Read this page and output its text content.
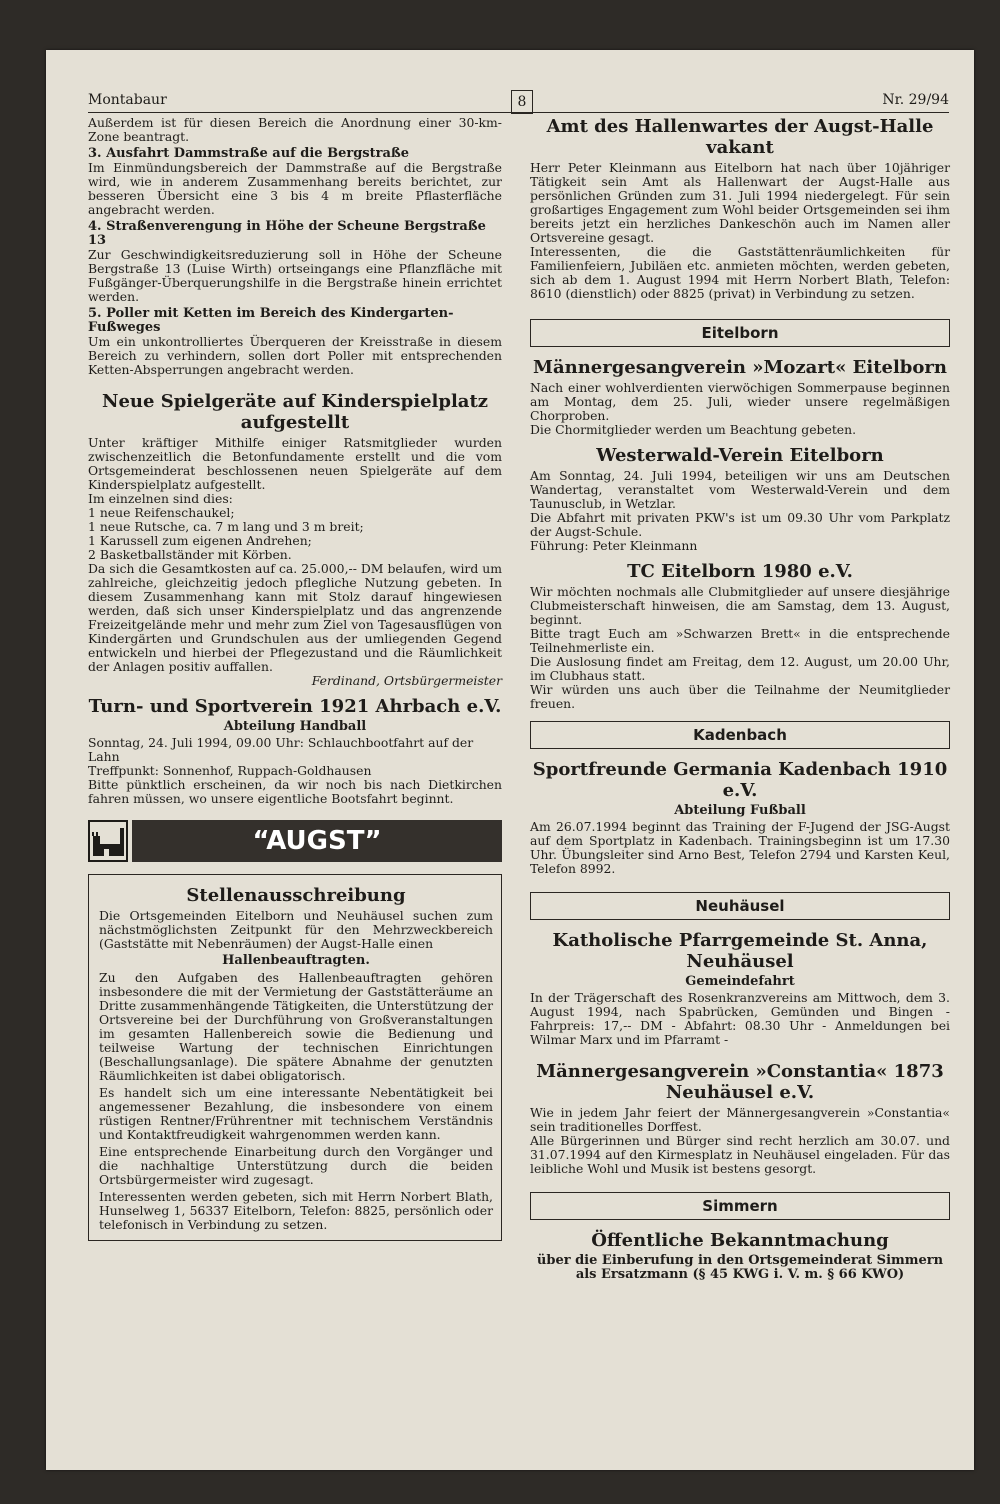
Montabaur	8	Nr. 29/94

Außerdem ist für diesen Bereich die Anordnung einer 30-km-Zone beantragt.

3. Ausfahrt Dammstraße auf die Bergstraße

Im Einmündungsbereich der Dammstraße auf die Bergstraße wird, wie in anderem Zusammenhang bereits berichtet, zur besseren Übersicht eine 3 bis 4 m breite Pflasterfläche angebracht werden.

4. Straßenverengung in Höhe der Scheune Bergstraße 13

Zur Geschwindigkeitsreduzierung soll in Höhe der Scheune Bergstraße 13 (Luise Wirth) ortseingangs eine Pflanzfläche mit Fußgänger-Überquerungshilfe in die Bergstraße hinein errichtet werden.

5. Poller mit Ketten im Bereich des Kindergarten-Fußweges

Um ein unkontrolliertes Überqueren der Kreisstraße in diesem Bereich zu verhindern, sollen dort Poller mit entsprechenden Ketten-Absperrungen angebracht werden.

Neue Spielgeräte auf Kinderspielplatz aufgestellt

Unter kräftiger Mithilfe einiger Ratsmitglieder wurden zwischenzeitlich die Betonfundamente erstellt und die vom Ortsgemeinderat beschlossenen neuen Spielgeräte auf dem Kinderspielplatz aufgestellt.

Im einzelnen sind dies:

1 neue Reifenschaukel;

1 neue Rutsche, ca. 7 m lang und 3 m breit;

1 Karussell zum eigenen Andrehen;

2 Basketballständer mit Körben.

Da sich die Gesamtkosten auf ca. 25.000,-- DM belaufen, wird um zahlreiche, gleichzeitig jedoch pflegliche Nutzung gebeten. In diesem Zusammenhang kann mit Stolz darauf hingewiesen werden, daß sich unser Kinderspielplatz und das angrenzende Freizeitgelände mehr und mehr zum Ziel von Tagesausflügen von Kindergärten und Grundschulen aus der umliegenden Gegend entwickeln und hierbei der Pflegezustand und die Räumlichkeit der Anlagen positiv auffallen.

Ferdinand, Ortsbürgermeister

Turn- und Sportverein 1921 Ahrbach e.V.

Abteilung Handball

Sonntag, 24. Juli 1994, 09.00 Uhr: Schlauchbootfahrt auf der Lahn

Treffpunkt: Sonnenhof, Ruppach-Goldhausen

Bitte pünktlich erscheinen, da wir noch bis nach Dietkirchen fahren müssen, wo unsere eigentliche Bootsfahrt beginnt.

“AUGST”

Stellenausschreibung

Die Ortsgemeinden Eitelborn und Neuhäusel suchen zum nächstmöglichsten Zeitpunkt für den Mehrzweckbereich (Gaststätte mit Nebenräumen) der Augst-Halle einen

Hallenbeauftragten.

Zu den Aufgaben des Hallenbeauftragten gehören insbesondere die mit der Vermietung der Gaststätteräume an Dritte zusammenhängende Tätigkeiten, die Unterstützung der Ortsvereine bei der Durchführung von Großveranstaltungen im gesamten Hallenbereich sowie die Bedienung und teilweise Wartung der technischen Einrichtungen (Beschallungsanlage). Die spätere Abnahme der genutzten Räumlichkeiten ist dabei obligatorisch.

Es handelt sich um eine interessante Nebentätigkeit bei angemessener Bezahlung, die insbesondere von einem rüstigen Rentner/Frührentner mit technischem Verständnis und Kontaktfreudigkeit wahrgenommen werden kann.

Eine entsprechende Einarbeitung durch den Vorgänger und die nachhaltige Unterstützung durch die beiden Ortsbürgermeister wird zugesagt.

Interessenten werden gebeten, sich mit Herrn Norbert Blath, Hunselweg 1, 56337 Eitelborn, Telefon: 8825, persönlich oder telefonisch in Verbindung zu setzen.

Amt des Hallenwartes der Augst-Halle vakant

Herr Peter Kleinmann aus Eitelborn hat nach über 10jähriger Tätigkeit sein Amt als Hallenwart der Augst-Halle aus persönlichen Gründen zum 31. Juli 1994 niedergelegt. Für sein großartiges Engagement zum Wohl beider Ortsgemeinden sei ihm bereits jetzt ein herzliches Dankeschön auch im Namen aller Ortsvereine gesagt.

Interessenten, die die Gaststättenräumlichkeiten für Familienfeiern, Jubiläen etc. anmieten möchten, werden gebeten, sich ab dem 1. August 1994 mit Herrn Norbert Blath, Telefon: 8610 (dienstlich) oder 8825 (privat) in Verbindung zu setzen.

Eitelborn

Männergesangverein »Mozart« Eitelborn

Nach einer wohlverdienten vierwöchigen Sommerpause beginnen am Montag, dem 25. Juli, wieder unsere regelmäßigen Chorproben.

Die Chormitglieder werden um Beachtung gebeten.

Westerwald-Verein Eitelborn

Am Sonntag, 24. Juli 1994, beteiligen wir uns am Deutschen Wandertag, veranstaltet vom Westerwald-Verein und dem Taunusclub, in Wetzlar.

Die Abfahrt mit privaten PKW's ist um 09.30 Uhr vom Parkplatz der Augst-Schule.

Führung: Peter Kleinmann

TC Eitelborn 1980 e.V.

Wir möchten nochmals alle Clubmitglieder auf unsere diesjährige Clubmeisterschaft hinweisen, die am Samstag, dem 13. August, beginnt.

Bitte tragt Euch am »Schwarzen Brett« in die entsprechende Teilnehmerliste ein.

Die Auslosung findet am Freitag, dem 12. August, um 20.00 Uhr, im Clubhaus statt.

Wir würden uns auch über die Teilnahme der Neumitglieder freuen.

Kadenbach

Sportfreunde Germania Kadenbach 1910 e.V.

Abteilung Fußball

Am 26.07.1994 beginnt das Training der F-Jugend der JSG-Augst auf dem Sportplatz in Kadenbach. Trainingsbeginn ist um 17.30 Uhr. Übungsleiter sind Arno Best, Telefon 2794 und Karsten Keul, Telefon 8992.

Neuhäusel

Katholische Pfarrgemeinde St. Anna, Neuhäusel

Gemeindefahrt

In der Trägerschaft des Rosenkranzvereins am Mittwoch, dem 3. August 1994, nach Spabrücken, Gemünden und Bingen - Fahrpreis: 17,-- DM - Abfahrt: 08.30 Uhr - Anmeldungen bei Wilmar Marx und im Pfarramt -

Männergesangverein »Constantia« 1873 Neuhäusel e.V.

Wie in jedem Jahr feiert der Männergesangverein »Constantia« sein traditionelles Dorffest.

Alle Bürgerinnen und Bürger sind recht herzlich am 30.07. und 31.07.1994 auf den Kirmesplatz in Neuhäusel eingeladen. Für das leibliche Wohl und Musik ist bestens gesorgt.

Simmern

Öffentliche Bekanntmachung

über die Einberufung in den Ortsgemeinderat Simmern als Ersatzmann (§ 45 KWG i. V. m. § 66 KWO)
